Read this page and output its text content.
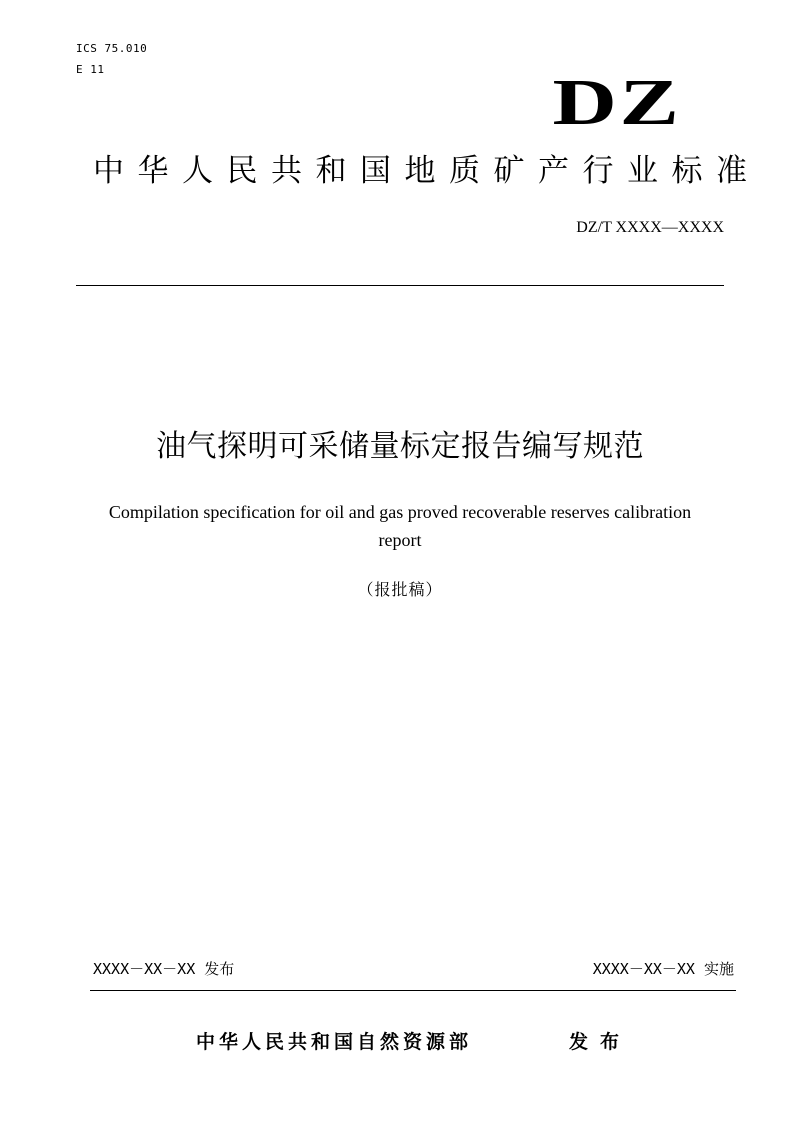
ICS 75.010
E 11	DZ
中华人民共和国地质矿产行业标准
DZ/T XXXX—XXXX
油气探明可采储量标定报告编写规范
Compilation specification for oil and gas proved recoverable reserves calibration report
（报批稿）
XXXX－XX－XX 发布	XXXX－XX－XX 实施
中华人民共和国自然资源部	发布
